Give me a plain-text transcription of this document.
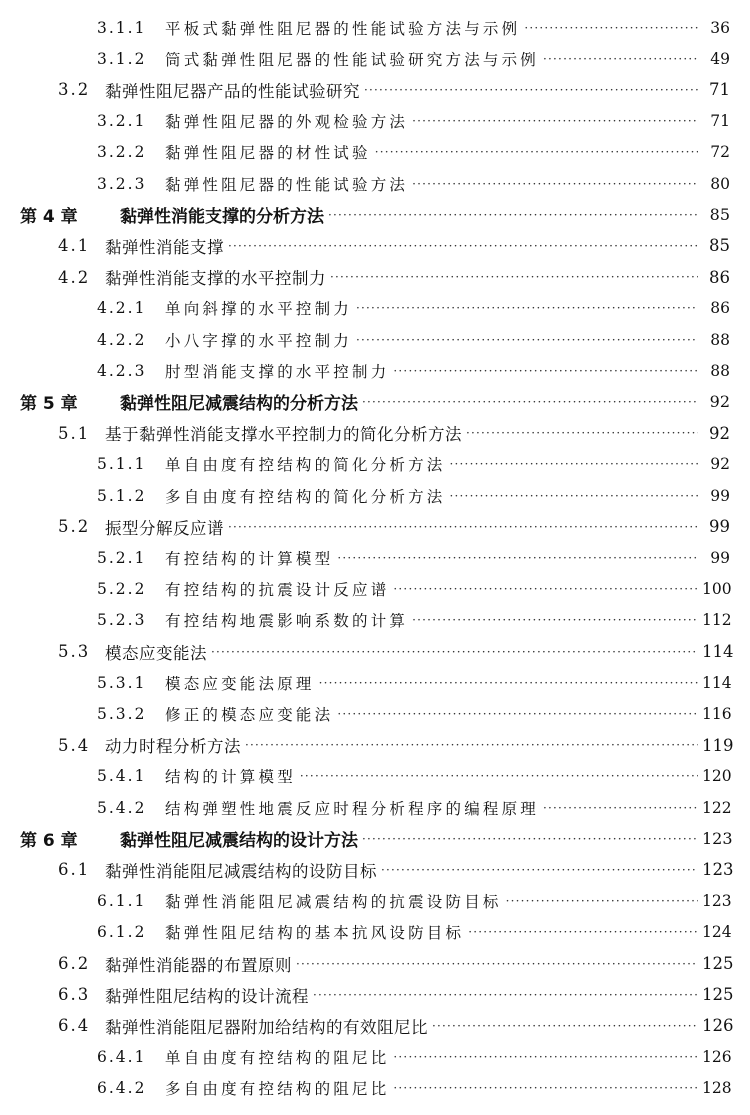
3.1.1 平板式黏弹性阻尼器的性能试验方法与示例 ·····	36
3.1.2 筒式黏弹性阻尼器的性能试验研究方法与示例 ·····	49
3.2 黏弹性阻尼器产品的性能试验研究 ·····	71
3.2.1 黏弹性阻尼器的外观检验方法 ·····	71
3.2.2 黏弹性阻尼器的材性试验 ·····	72
3.2.3 黏弹性阻尼器的性能试验方法 ·····	80
第 4 章 黏弹性消能支撑的分析方法 ·····	85
4.1 黏弹性消能支撑 ·····	85
4.2 黏弹性消能支撑的水平控制力 ·····	86
4.2.1 单向斜撑的水平控制力 ·····	86
4.2.2 小八字撑的水平控制力 ·····	88
4.2.3 肘型消能支撑的水平控制力 ·····	88
第 5 章 黏弹性阻尼减震结构的分析方法 ·····	92
5.1 基于黏弹性消能支撑水平控制力的简化分析方法 ·····	92
5.1.1 单自由度有控结构的简化分析方法 ·····	92
5.1.2 多自由度有控结构的简化分析方法 ·····	99
5.2 振型分解反应谱 ·····	99
5.2.1 有控结构的计算模型 ·····	99
5.2.2 有控结构的抗震设计反应谱 ·····	100
5.2.3 有控结构地震影响系数的计算 ·····	112
5.3 模态应变能法 ·····	114
5.3.1 模态应变能法原理 ·····	114
5.3.2 修正的模态应变能法 ·····	116
5.4 动力时程分析方法 ·····	119
5.4.1 结构的计算模型 ·····	120
5.4.2 结构弹塑性地震反应时程分析程序的编程原理 ·····	122
第 6 章 黏弹性阻尼减震结构的设计方法 ·····	123
6.1 黏弹性消能阻尼减震结构的设防目标 ·····	123
6.1.1 黏弹性消能阻尼减震结构的抗震设防目标 ·····	123
6.1.2 黏弹性阻尼结构的基本抗风设防目标 ·····	124
6.2 黏弹性消能器的布置原则 ·····	125
6.3 黏弹性阻尼结构的设计流程 ·····	125
6.4 黏弹性消能阻尼器附加给结构的有效阻尼比 ·····	126
6.4.1 单自由度有控结构的阻尼比 ·····	126
6.4.2 多自由度有控结构的阻尼比 ·····	128
